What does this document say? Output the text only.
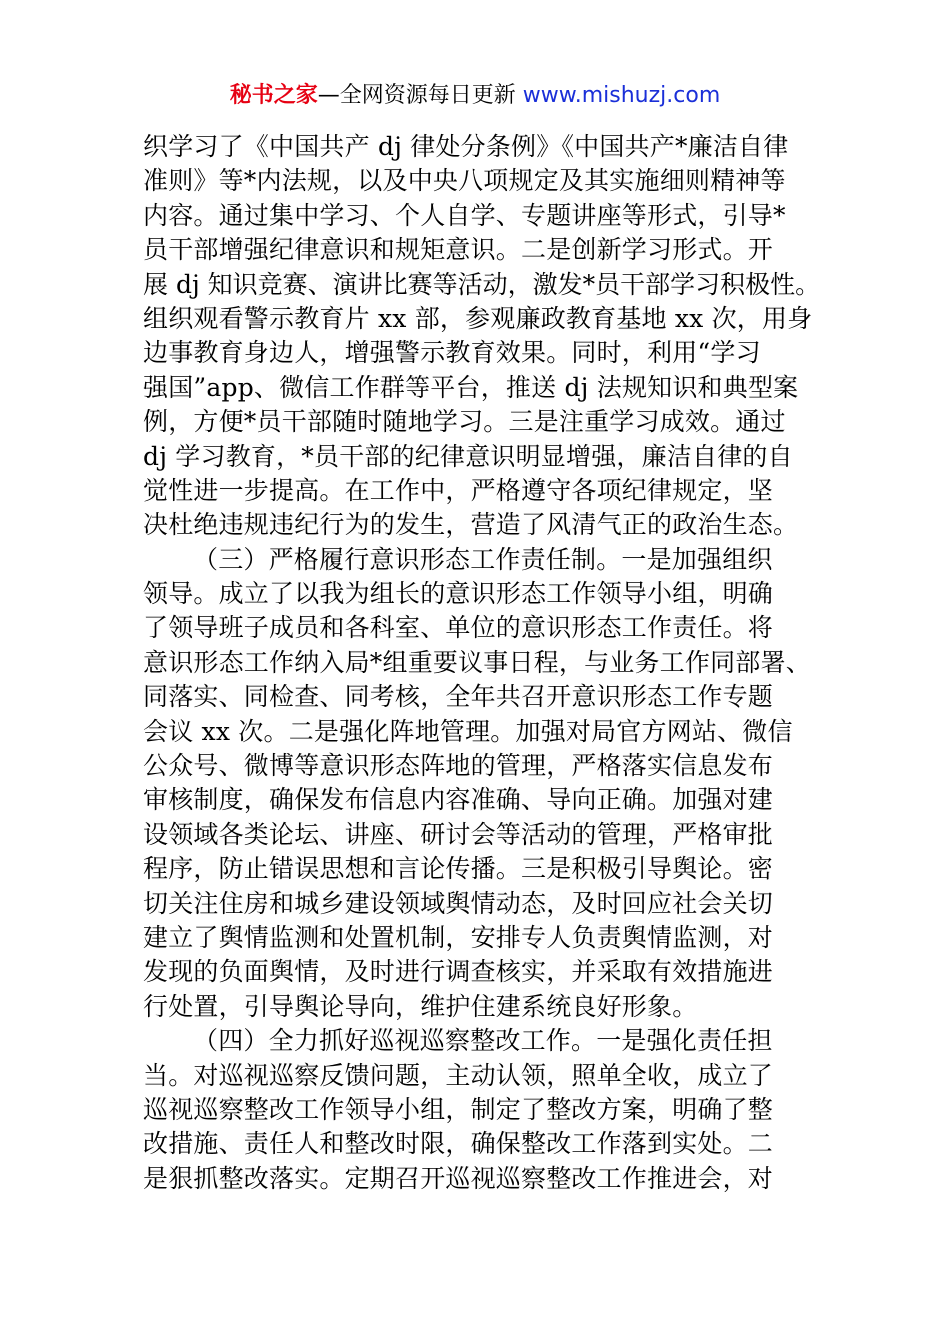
秘书之家—全网资源每日更新 www.mishuzj.com
织学习了《中国共产 dj 律处分条例》《中国共产*廉洁自律
准则》等*内法规，以及中央八项规定及其实施细则精神等
内容。通过集中学习、个人自学、专题讲座等形式，引导*
员干部增强纪律意识和规矩意识。二是创新学习形式。开
展 dj 知识竞赛、演讲比赛等活动，激发*员干部学习积极性。
组织观看警示教育片 xx 部，参观廉政教育基地 xx 次，用身
边事教育身边人，增强警示教育效果。同时，利用“学习
强国”app、微信工作群等平台，推送 dj 法规知识和典型案
例，方便*员干部随时随地学习。三是注重学习成效。通过
dj 学习教育，*员干部的纪律意识明显增强，廉洁自律的自
觉性进一步提高。在工作中，严格遵守各项纪律规定，坚
决杜绝违规违纪行为的发生，营造了风清气正的政治生态。
（三）严格履行意识形态工作责任制。一是加强组织
领导。成立了以我为组长的意识形态工作领导小组，明确
了领导班子成员和各科室、单位的意识形态工作责任。将
意识形态工作纳入局*组重要议事日程，与业务工作同部署、
同落实、同检查、同考核，全年共召开意识形态工作专题
会议 xx 次。二是强化阵地管理。加强对局官方网站、微信
公众号、微博等意识形态阵地的管理，严格落实信息发布
审核制度，确保发布信息内容准确、导向正确。加强对建
设领域各类论坛、讲座、研讨会等活动的管理，严格审批
程序，防止错误思想和言论传播。三是积极引导舆论。密
切关注住房和城乡建设领域舆情动态，及时回应社会关切
建立了舆情监测和处置机制，安排专人负责舆情监测，对
发现的负面舆情，及时进行调查核实，并采取有效措施进
行处置，引导舆论导向，维护住建系统良好形象。
（四）全力抓好巡视巡察整改工作。一是强化责任担
当。对巡视巡察反馈问题，主动认领，照单全收，成立了
巡视巡察整改工作领导小组，制定了整改方案，明确了整
改措施、责任人和整改时限，确保整改工作落到实处。二
是狠抓整改落实。定期召开巡视巡察整改工作推进会，对
